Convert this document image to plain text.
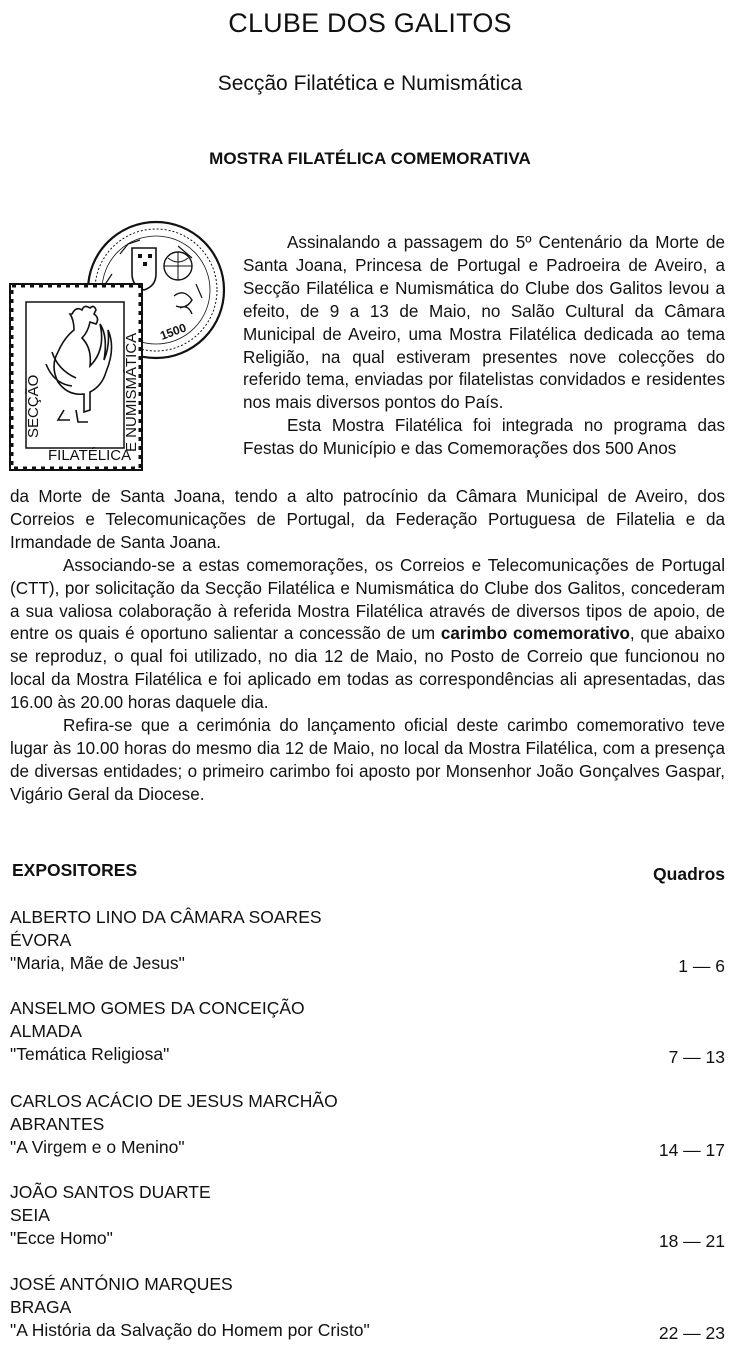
CLUBE DOS GALITOS
Secção Filatética e Numismática
MOSTRA FILATÉLICA COMEMORATIVA
1500
FILATÉLICA
SECÇÃO	E NUMISMÁTICA

Assinalando a passagem do 5º Centenário da Morte de Santa Joana, Princesa de Portugal e Padroeira de Aveiro, a Secção Filatélica e Numismática do Clube dos Galitos levou a efeito, de 9 a 13 de Maio, no Salão Cultural da Câmara Municipal de Aveiro, uma Mostra Filatélica dedicada ao tema Religião, na qual estiveram presentes nove colecções do referido tema, enviadas por filatelistas convidados e residentes nos mais diversos pontos do País.

Esta Mostra Filatélica foi integrada no programa das Festas do Município e das Comemorações dos 500 Anos

da Morte de Santa Joana, tendo a alto patrocínio da Câmara Municipal de Aveiro, dos Correios e Telecomunicações de Portugal, da Federação Portuguesa de Filatelia e da Irmandade de Santa Joana.

Associando-se a estas comemorações, os Correios e Telecomunicações de Portugal (CTT), por solicitação da Secção Filatélica e Numismática do Clube dos Galitos, concederam a sua valiosa colaboração à referida Mostra Filatélica através de diversos tipos de apoio, de entre os quais é oportuno salientar a concessão de um carimbo comemorativo, que abaixo se reproduz, o qual foi utilizado, no dia 12 de Maio, no Posto de Correio que funcionou no local da Mostra Filatélica e foi aplicado em todas as correspondências ali apresentadas, das 16.00 às 20.00 horas daquele dia.

Refira-se que a cerimónia do lançamento oficial deste carimbo comemorativo teve lugar às 10.00 horas do mesmo dia 12 de Maio, no local da Mostra Filatélica, com a presença de diversas entidades; o primeiro carimbo foi aposto por Monsenhor João Gonçalves Gaspar, Vigário Geral da Diocese.

EXPOSITORES	Quadros
ALBERTO LINO DA CÂMARA SOARES
ÉVORA
"Maria, Mãe de Jesus"	1 — 6
ANSELMO GOMES DA CONCEIÇÃO
ALMADA
"Temática Religiosa"	7 — 13
CARLOS ACÁCIO DE JESUS MARCHÃO
ABRANTES
"A Virgem e o Menino"	14 — 17
JOÃO SANTOS DUARTE
SEIA
"Ecce Homo"	18 — 21
JOSÉ ANTÓNIO MARQUES
BRAGA
"A História da Salvação do Homem por Cristo"	22 — 23
